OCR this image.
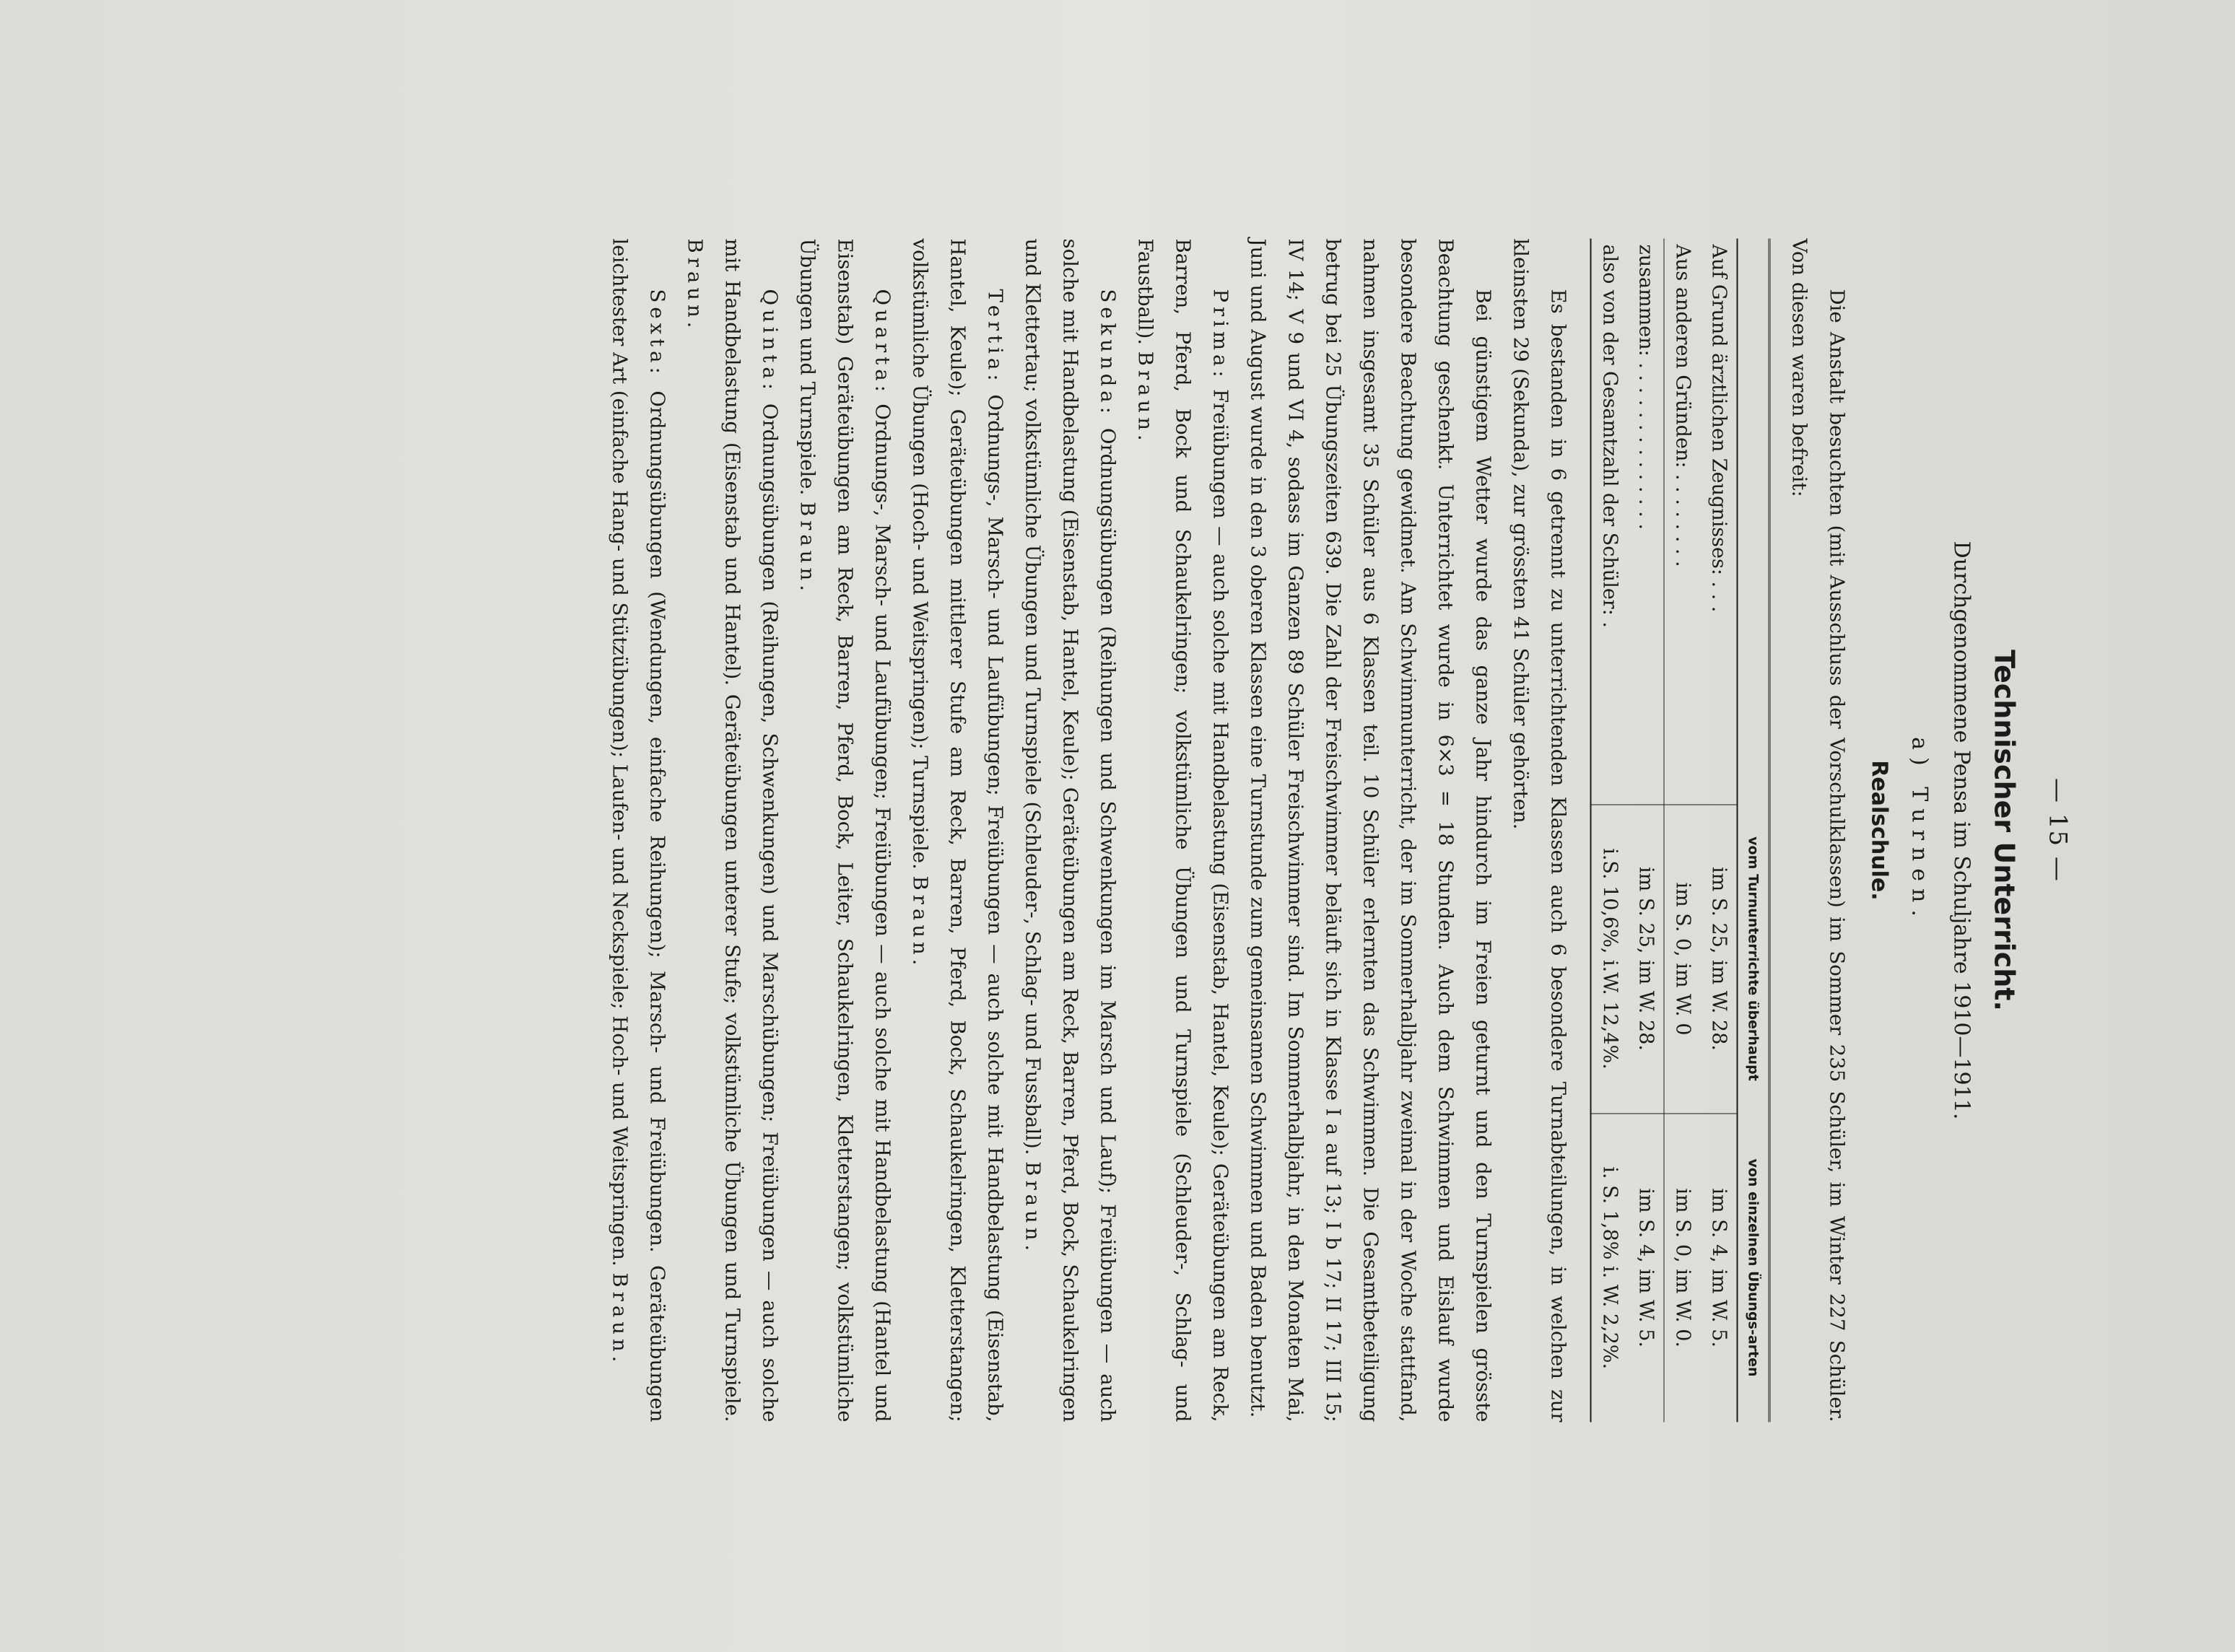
— 15 —
Technischer Unterricht.
Durchgenommene Pensa im Schuljahre 1910—1911.
a) Turnen.
Realschule.

Die Anstalt besuchten (mit Ausschluss der Vorschulklassen) im Sommer 235 Schüler, im Winter 227 Schüler. Von diesen waren befreit:

	vom Turnunterrichte überhaupt	von einzelnen Übungs-arten
Auf Grund ärztlichen Zeugnisses: . . .	im S. 25, im W. 28.	im S. 4, im W. 5.
Aus anderen Gründen: . . . . . . . .	im S. 0, im W. 0	im S. 0, im W. 0.
zusammen: . . . . . . . . . . . . . .	im S. 25, im W. 28.	im S. 4, im W. 5.
also von der Gesamtzahl der Schüler: .	i.S. 10,6%, i.W. 12,4%.	i. S. 1,8% i. W. 2,2%.

Es bestanden in 6 getrennt zu unterrichtenden Klassen auch 6 besondere Turnabteilungen, in welchen zur kleinsten 29 (Sekunda), zur grössten 41 Schüler gehörten.

Bei günstigem Wetter wurde das ganze Jahr hindurch im Freien geturnt und den Turnspielen grösste Beachtung geschenkt. Unterrichtet wurde in 6×3 = 18 Stunden. Auch dem Schwimmen und Eislauf wurde besondere Beachtung gewidmet. Am Schwimmunterricht, der im Sommerhalbjahr zweimal in der Woche stattfand, nahmen insgesamt 35 Schüler aus 6 Klassen teil. 10 Schüler erlernten das Schwimmen. Die Gesamtbeteiligung betrug bei 25 Übungszeiten 639. Die Zahl der Freischwimmer beläuft sich in Klasse I a auf 13; I b 17; II 17; III 15; IV 14; V 9 und VI 4, sodass im Ganzen 89 Schüler Freischwimmer sind. Im Sommerhalbjahr, in den Monaten Mai, Juni und August wurde in den 3 oberen Klassen eine Turnstunde zum gemeinsamen Schwimmen und Baden benutzt.

Prima: Freiübungen — auch solche mit Handbelastung (Eisenstab, Hantel, Keule); Geräteübungen am Reck, Barren, Pferd, Bock und Schaukelringen; volkstümliche Übungen und Turnspiele (Schleuder-, Schlag- und Faustball). Braun.

Sekunda: Ordnungsübungen (Reihungen und Schwenkungen im Marsch und Lauf); Freiübungen — auch solche mit Handbelastung (Eisenstab, Hantel, Keule); Geräteübungen am Reck, Barren, Pferd, Bock, Schaukelringen und Klettertau; volkstümliche Übungen und Turnspiele (Schleuder-, Schlag- und Fussball). Braun.

Tertia: Ordnungs-, Marsch- und Laufübungen; Freiübungen — auch solche mit Handbelastung (Eisenstab, Hantel, Keule); Geräteübungen mittlerer Stufe am Reck, Barren, Pferd, Bock, Schaukelringen, Kletterstangen; volkstümliche Übungen (Hoch- und Weitspringen); Turnspiele. Braun.

Quarta: Ordnungs-, Marsch- und Laufübungen; Freiübungen — auch solche mit Handbelastung (Hantel und Eisenstab) Geräteübungen am Reck, Barren, Pferd, Bock, Leiter, Schaukelringen, Kletterstangen; volkstümliche Übungen und Turnspiele. Braun.

Quinta: Ordnungsübungen (Reihungen, Schwenkungen) und Marschübungen; Freiübungen — auch solche mit Handbelastung (Eisenstab und Hantel). Geräteübungen unterer Stufe; volkstümliche Übungen und Turnspiele. Braun.

Sexta: Ordnungsübungen (Wendungen, einfache Reihungen); Marsch- und Freiübungen. Geräteübungen leichtester Art (einfache Hang- und Stützübungen); Laufen- und Neckspiele; Hoch- und Weitspringen. Braun.
